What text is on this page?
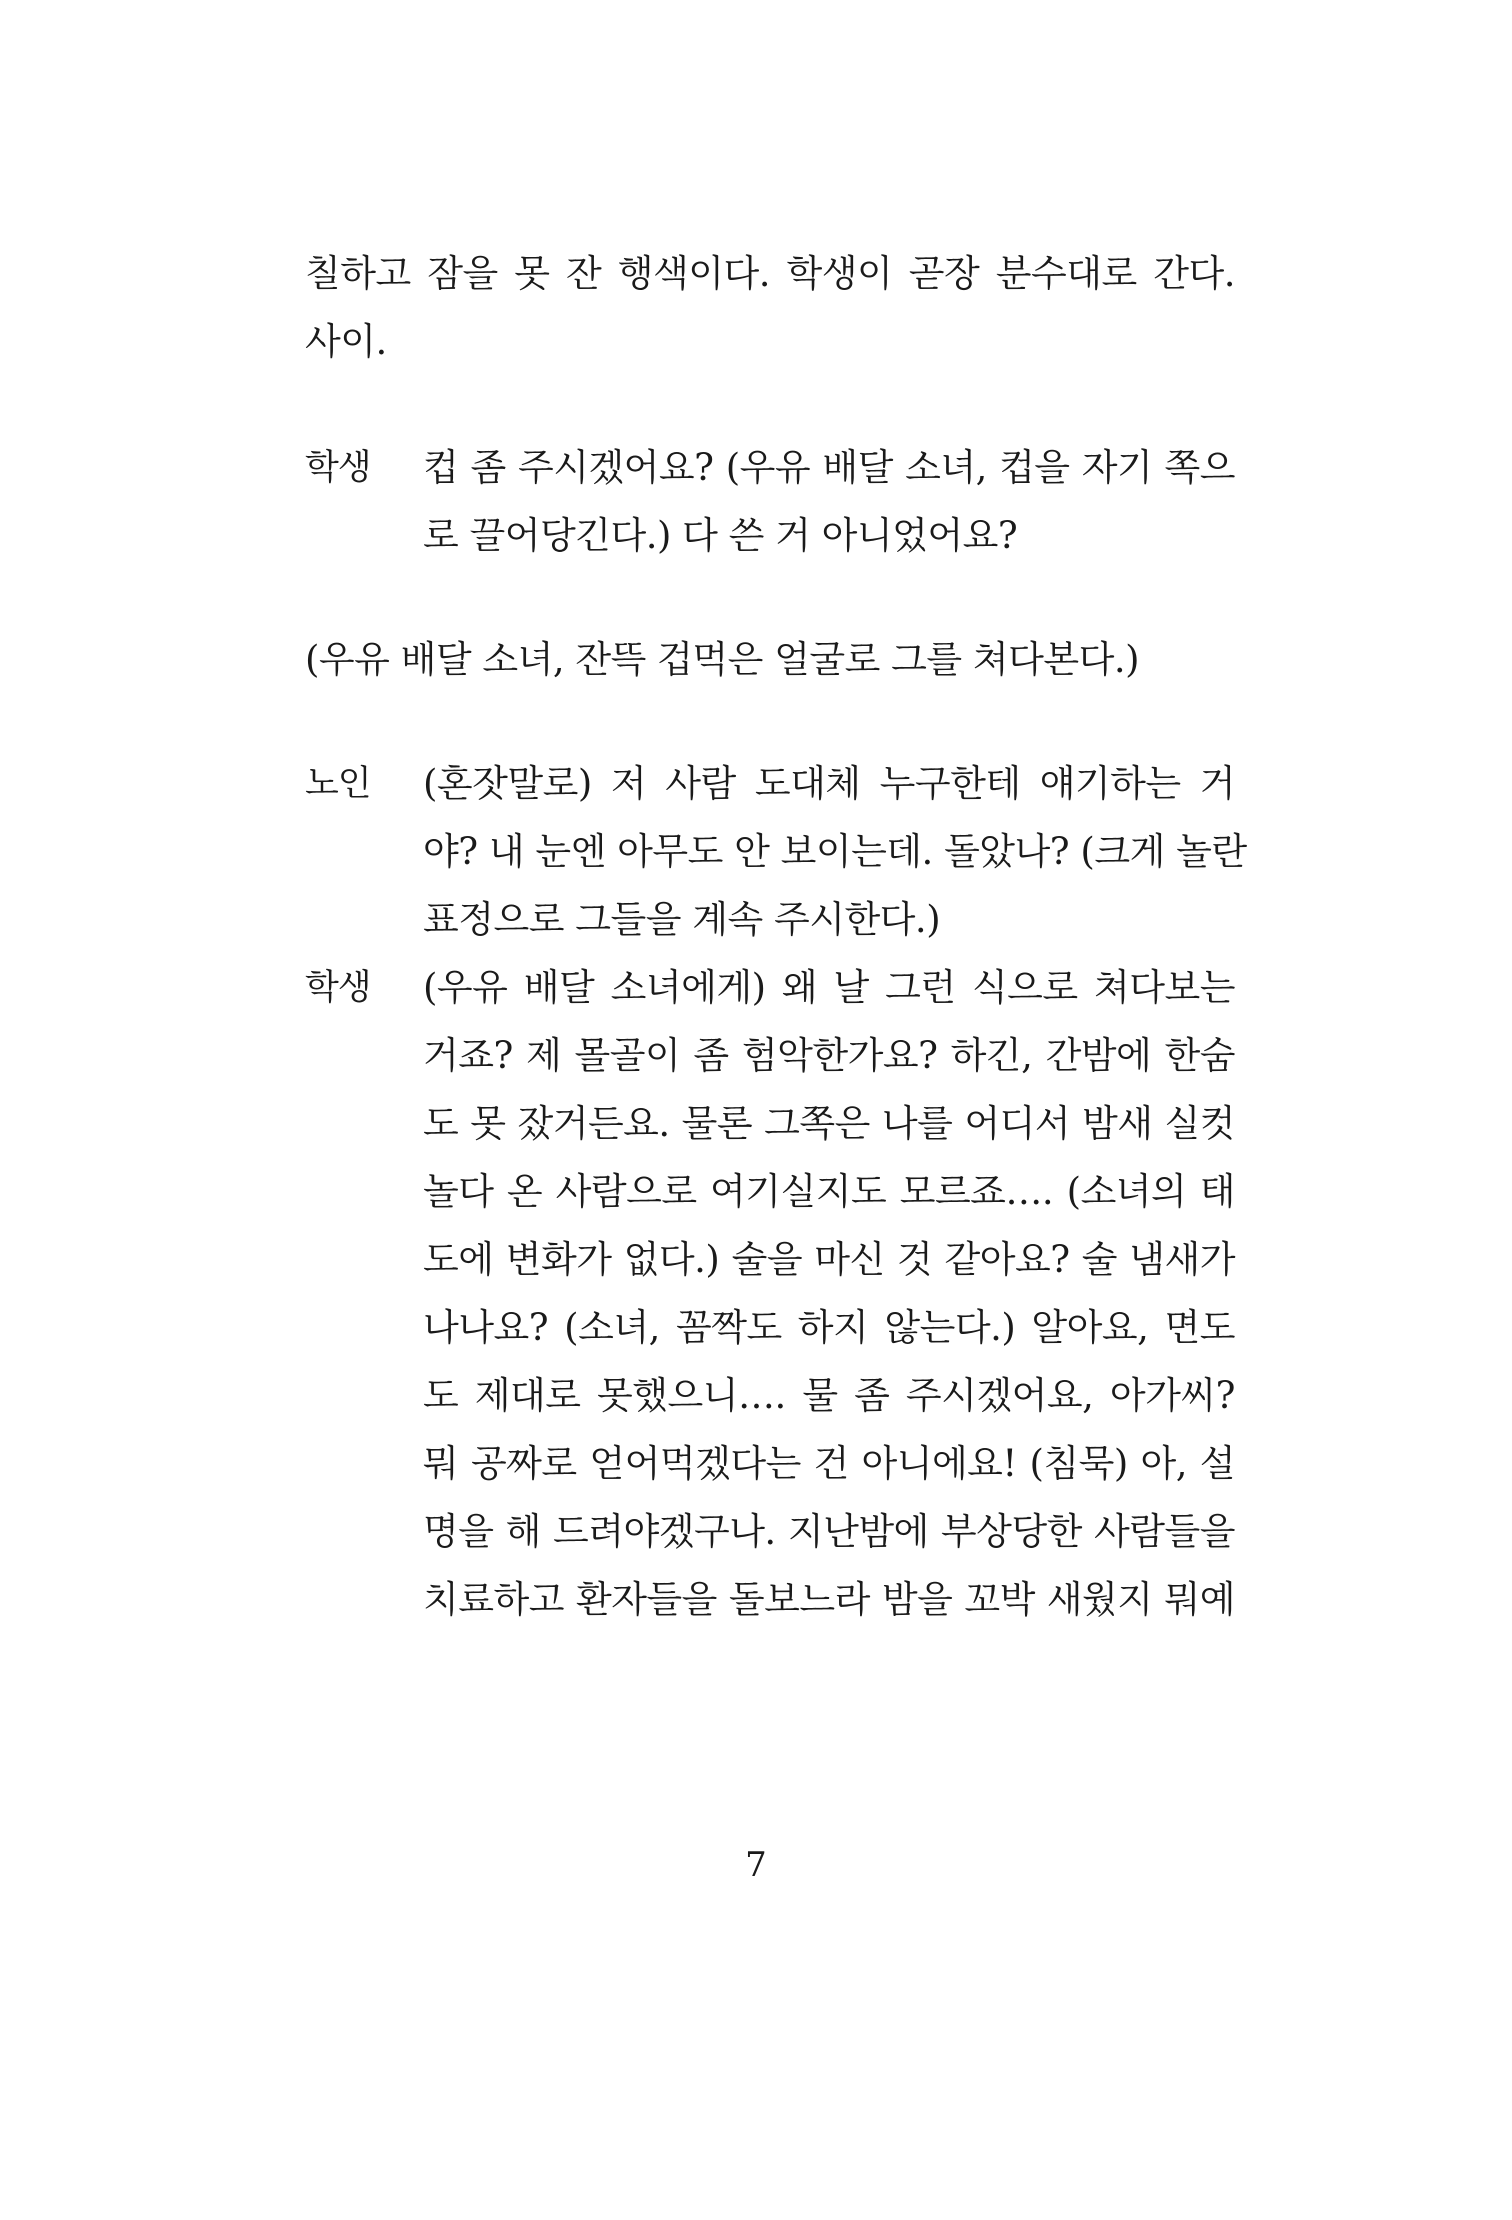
칠하고 잠을 못 잔 행색이다. 학생이 곧장 분수대로 간다.
사이.
학생	컵 좀 주시겠어요? (우유 배달 소녀, 컵을 자기 쪽으
로 끌어당긴다.) 다 쓴 거 아니었어요?
(우유 배달 소녀, 잔뜩 겁먹은 얼굴로 그를 쳐다본다.)
노인	(혼잣말로) 저 사람 도대체 누구한테 얘기하는 거
야? 내 눈엔 아무도 안 보이는데. 돌았나? (크게 놀란
표정으로 그들을 계속 주시한다.)
학생	(우유 배달 소녀에게) 왜 날 그런 식으로 쳐다보는
거죠? 제 몰골이 좀 험악한가요? 하긴, 간밤에 한숨
도 못 잤거든요. 물론 그쪽은 나를 어디서 밤새 실컷
놀다 온 사람으로 여기실지도 모르죠…. (소녀의 태
도에 변화가 없다.) 술을 마신 것 같아요? 술 냄새가
나나요? (소녀, 꼼짝도 하지 않는다.) 알아요, 면도
도 제대로 못했으니…. 물 좀 주시겠어요, 아가씨?
뭐 공짜로 얻어먹겠다는 건 아니에요! (침묵) 아, 설
명을 해 드려야겠구나. 지난밤에 부상당한 사람들을
치료하고 환자들을 돌보느라 밤을 꼬박 새웠지 뭐예
7
